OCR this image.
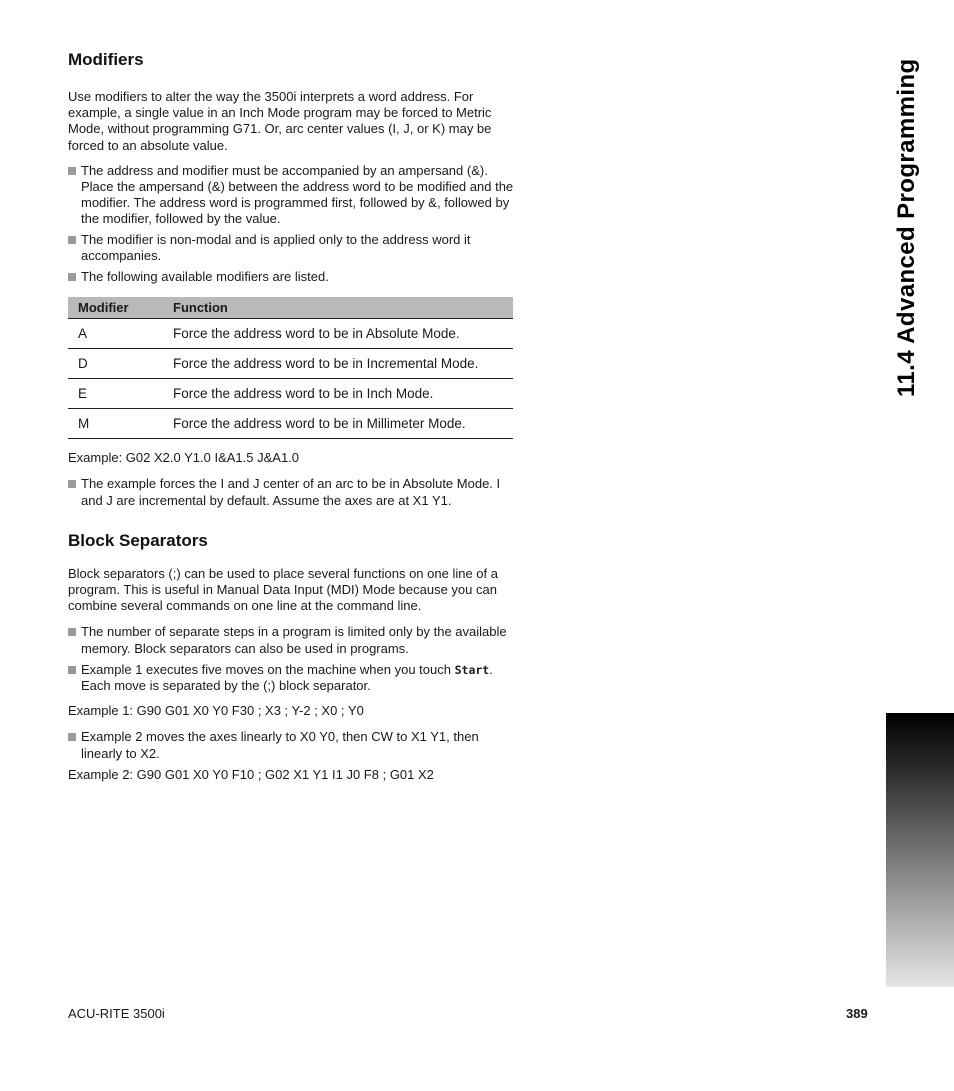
11.4 Advanced Programming
Modifiers

Use modifiers to alter the way the 3500i interprets a word address. For example, a single value in an Inch Mode program may be forced to Metric Mode, without programming G71. Or, arc center values (I, J, or K) may be forced to an absolute value.

The address and modifier must be accompanied by an ampersand (&). Place the ampersand (&) between the address word to be modified and the modifier. The address word is programmed first, followed by &, followed by the modifier, followed by the value.
The modifier is non-modal and is applied only to the address word it accompanies.
The following available modifiers are listed.
Modifier	Function
A	Force the address word to be in Absolute Mode.
D	Force the address word to be in Incremental Mode.
E	Force the address word to be in Inch Mode.
M	Force the address word to be in Millimeter Mode.

Example: G02 X2.0 Y1.0 I&A1.5 J&A1.0

The example forces the I and J center of an arc to be in Absolute Mode. I and J are incremental by default. Assume the axes are at X1 Y1.
Block Separators

Block separators (;) can be used to place several functions on one line of a program. This is useful in Manual Data Input (MDI) Mode because you can combine several commands on one line at the command line.

The number of separate steps in a program is limited only by the available memory. Block separators can also be used in programs.
Example 1 executes five moves on the machine when you touch Start. Each move is separated by the (;) block separator.

Example 1: G90 G01 X0 Y0 F30 ; X3 ; Y-2 ; X0 ; Y0

Example 2 moves the axes linearly to X0 Y0, then CW to X1 Y1, then linearly to X2.

Example 2: G90 G01 X0 Y0 F10 ; G02 X1 Y1 I1 J0 F8 ; G01 X2

ACU-RITE 3500i	389
